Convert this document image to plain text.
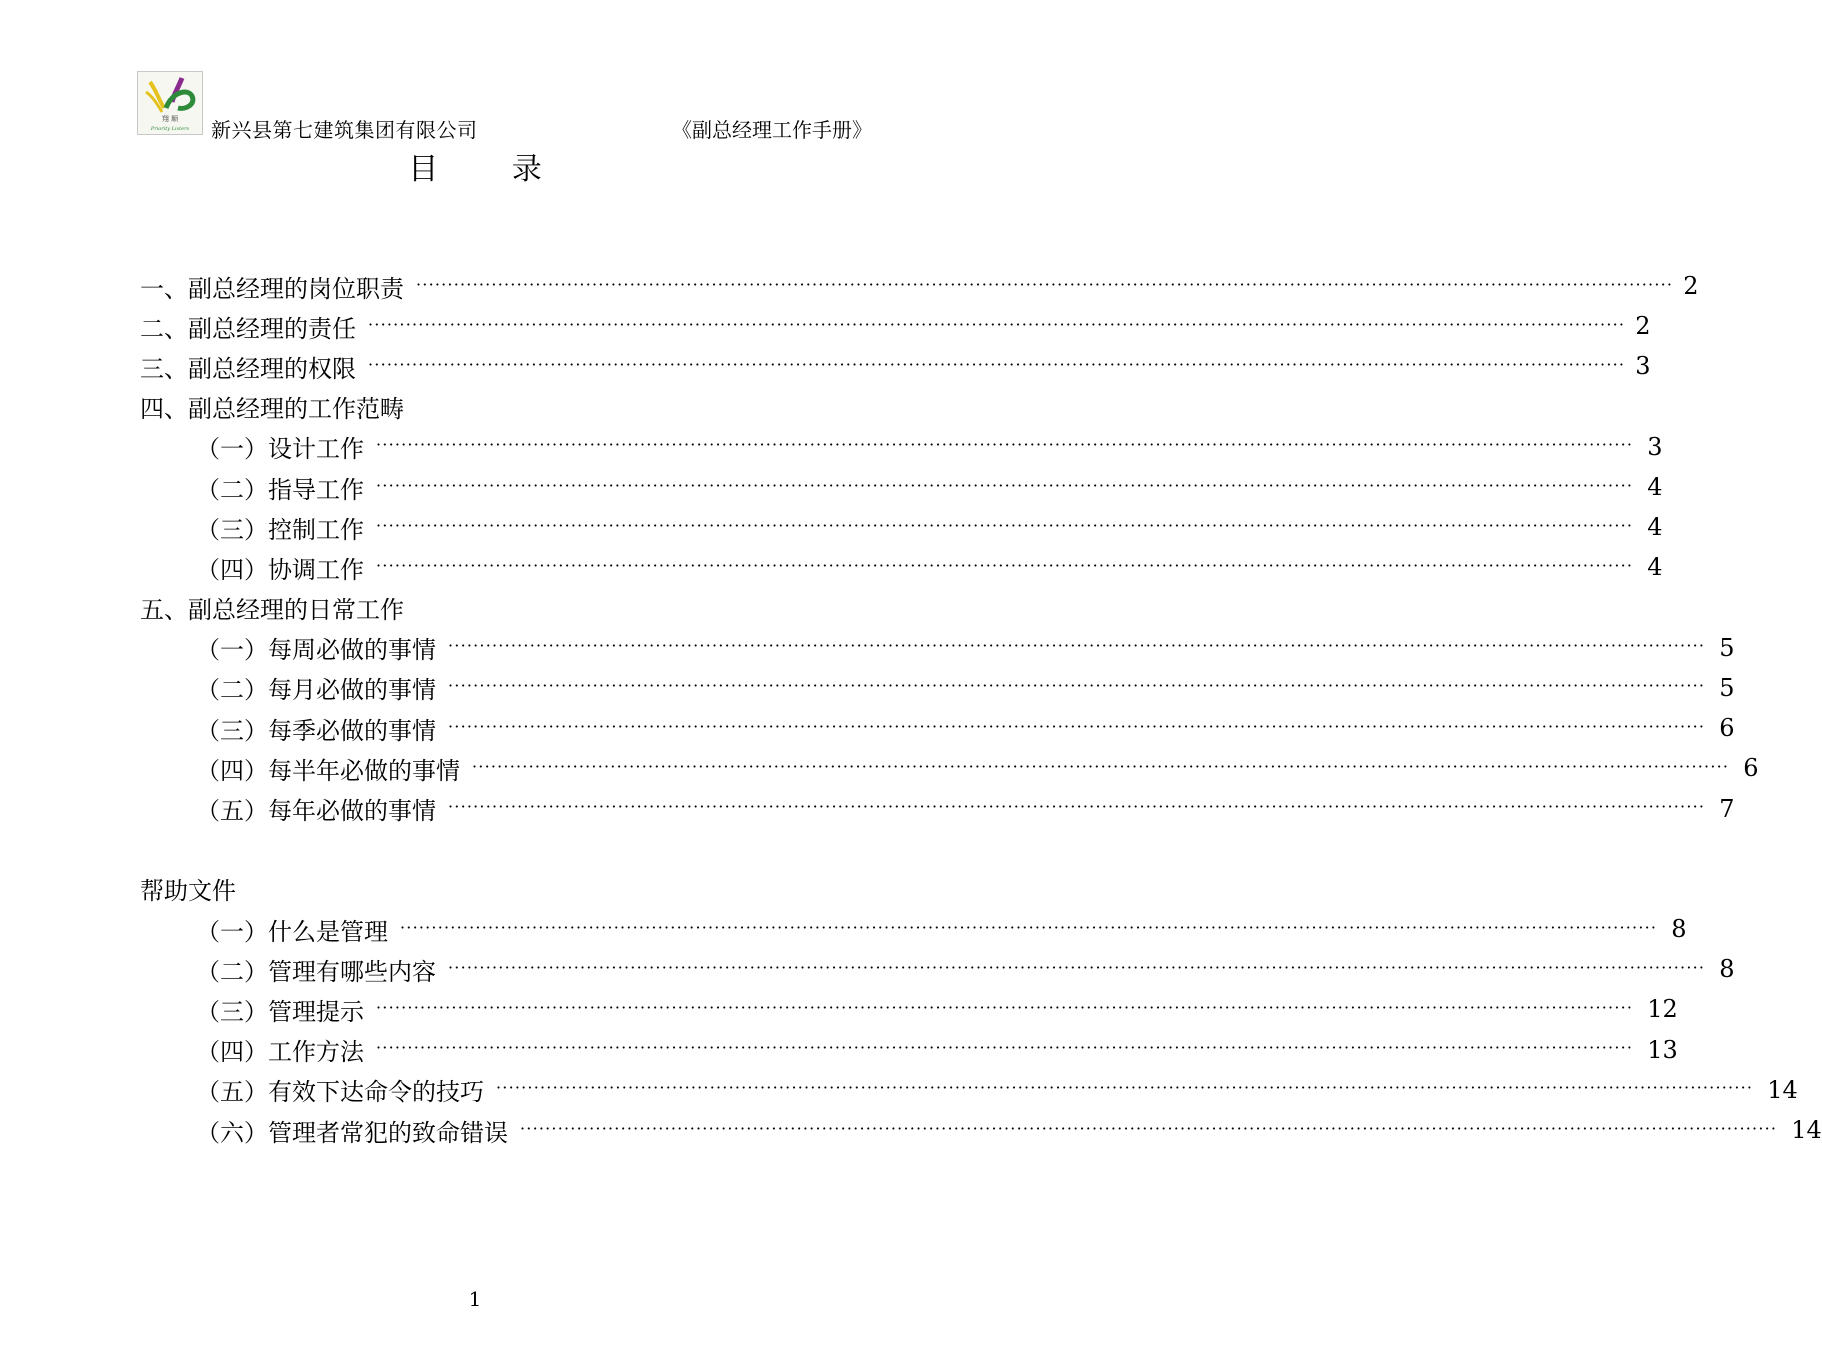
翔 顺
Priority Listers 新兴县第七建筑集团有限公司	《副总经理工作手册》
目 录
一、副总经理的岗位职责 ········································································································································································································ 2
二、副总经理的责任 ········································································································································································································ 2
三、副总经理的权限 ········································································································································································································ 3
四、副总经理的工作范畴
（一）设计工作 ········································································································································································································ 3
（二）指导工作 ········································································································································································································ 4
（三）控制工作 ········································································································································································································ 4
（四）协调工作 ········································································································································································································ 4
五、副总经理的日常工作
（一）每周必做的事情 ········································································································································································································ 5
（二）每月必做的事情 ········································································································································································································ 5
（三）每季必做的事情 ········································································································································································································ 6
（四）每半年必做的事情 ········································································································································································································ 6
（五）每年必做的事情 ········································································································································································································ 7
帮助文件
（一）什么是管理 ········································································································································································································ 8
（二）管理有哪些内容 ········································································································································································································ 8
（三）管理提示 ········································································································································································································ 12
（四）工作方法 ········································································································································································································ 13
（五）有效下达命令的技巧 ········································································································································································································ 14
（六）管理者常犯的致命错误 ········································································································································································································ 14
1
